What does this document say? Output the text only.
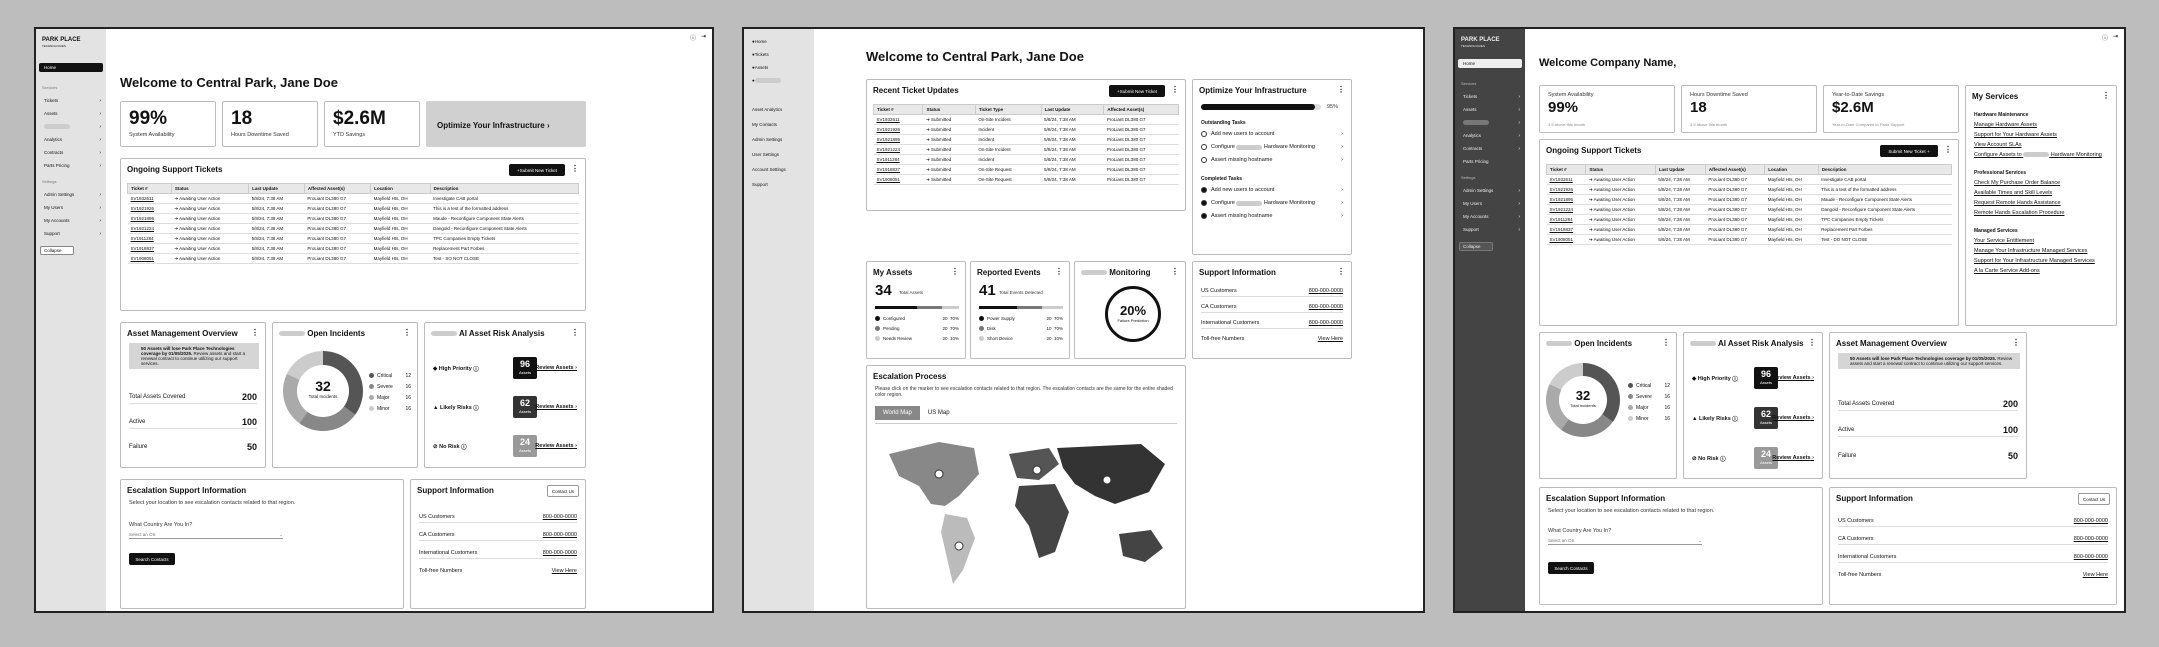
PARK PLACE
TECHNOLOGIES
Home
Services
Tickets	›
Assets	›
›
Analytics	›
Contracts	›
Parts Pricing	›
Settings
Admin Settings	›
My Users	›
My Accounts	›
Support	›
Collapse
ⓘ ⇥
Welcome to Central Park, Jane Doe
99%
System Availability
18
Hours Downtime Saved
$2.6M
YTD Savings
Optimize Your Infrastructure ›
Ongoing Support Tickets	+ Submit New Ticket ⋮
Ticket #	Status	Last Update	Affected Asset(s)	Location	Description
SV1932611	➔ Awaiting User Action	5/8/24, 7:38 AM	ProLiant DL380 G7	Mayfield Hts, OH	Investigate CAB portal
SV1921926	➔ Awaiting User Action	5/8/24, 7:38 AM	ProLiant DL380 G7	Mayfield Hts, OH	This is a test of the formatted address
SV1921895	➔ Awaiting User Action	5/8/24, 7:38 AM	ProLiant DL380 G7	Mayfield Hts, OH	Maude - Reconfigure Component State Alerts
SV1921224	➔ Awaiting User Action	5/8/24, 7:38 AM	ProLiant DL380 G7	Mayfield Hts, OH	Dangold - Reconfigure Component State Alerts
SV1911284	➔ Awaiting User Action	5/8/24, 7:38 AM	ProLiant DL380 G7	Mayfield Hts, OH	TPC Companies Empty Tickets
SV1918837	➔ Awaiting User Action	5/8/24, 7:38 AM	ProLiant DL380 G7	Mayfield Hts, OH	Replacement Part Forbes
SV1908051	➔ Awaiting User Action	5/8/24, 7:38 AM	ProLiant DL380 G7	Mayfield Hts, OH	Test - SO NOT CLOSE
Asset Management Overview ⋮
50 Assets will lose Park Place Technologies coverage by 01/05/2025. Review assets and start a renewal contract to continue utilizing our support services.
Total Assets Covered	200
Active	100
Failure	50
Open Incidents	⋮
32
Total Incidents
Critical	12
Severe	16
Major	16
Minor	16
AI Asset Risk Analysis	⋮
◆ High Priority ⓘ
96
Assets
Review Assets ›
▲ Likely Risks ⓘ
62
Assets
Review Assets ›
⊘ No Risk ⓘ
24
Assets
Review Assets ›
Escalation Support Information
Select your location to see escalation contacts related to that region.
What Country Are You In?
Select an OS	⌄
Search Contacts
Support Information	Contact Us
US Customers	800-000-0000
CA Customers	800-000-0000
International Customers	800-000-0000
Toll-free Numbers	View Here
● Home
● Tickets
● Assets
●
Asset Analytics
My Contacts
Admin Settings
User Settings
Account Settings
Support
Welcome to Central Park, Jane Doe
Recent Ticket Updates	+ Submit New Ticket ⋮
Ticket #	Status	Ticket Type	Last Update	Affected Asset(s)
SV1932611	➔ Submitted	On-Site Incident	5/8/24, 7:38 AM	ProLiant DL380 G7
SV1921926	➔ Submitted	Incident	5/8/24, 7:38 AM	ProLiant DL380 G7
SV1921895	➔ Submitted	Incident	5/8/24, 7:38 AM	ProLiant DL380 G7
SV1921224	➔ Submitted	On-Site Incident	5/8/24, 7:38 AM	ProLiant DL380 G7
SV1911284	➔ Submitted	Incident	5/8/24, 7:38 AM	ProLiant DL380 G7
SV1918837	➔ Submitted	On-Site Request	5/8/24, 7:38 AM	ProLiant DL380 G7
SV1908051	➔ Submitted	On-Site Request	5/8/24, 7:38 AM	ProLiant DL380 G7
Optimize Your Infrastructure	⋮
95%
Outstanding Tasks
Add new users to account	›
Configure

	Hardware Monitoring	›
Assert missing hostname	›
Completed Tasks
Add new users to account	›
Configure

	Hardware Monitoring	›
Assert missing hostname	›
My Assets	⋮
34 Total Assets
Configured	20 70%
Pending	20 70%
Needs Review	20 10%
Reported Events ⋮
41 Total Events Detected
Power Supply	20 70%
Disk	10 70%
Short Device	20 10%
Monitoring	⋮
20%
Failure Prediction
Support Information	⋮
US Customers	800-000-0000
CA Customers	800-000-0000
International Customers	800-000-0000
Toll-free Numbers	View Here
Escalation Process
Please click on the marker to see escalation contacts related to that region. The escalation contacts are the same for the entire shaded color region.
World Map	US Map
PARK PLACE
TECHNOLOGIES
Home
Services
Tickets	›
Assets	›
›
Analytics	›
Contracts	›
Parts Pricing
Settings
Admin Settings	›
My Users	›
My Accounts	›
Support	›
Collapse
ⓘ ⇥
Welcome Company Name,
System Availability
99%
3.5 above this month
Hours Downtime Saved
18
3.5 above this month
Year-to-Date Savings
$2.6M
Year-to-Date Compared to Parts Support
Ongoing Support Tickets	Submit New Ticket +	⋮
Ticket #	Status	Last Update	Affected Asset(s)	Location	Description
SV1932611	➔ Awaiting User Action	5/8/24, 7:38 AM	ProLiant DL380 G7	Mayfield Hts, OH	Investigate CAB portal
SV1921926	➔ Awaiting User Action	5/8/24, 7:38 AM	ProLiant DL380 G7	Mayfield Hts, OH	This is a test of the formatted address
SV1921895	➔ Awaiting User Action	5/8/24, 7:38 AM	ProLiant DL380 G7	Mayfield Hts, OH	Maude - Reconfigure Component State Alerts
SV1921224	➔ Awaiting User Action	5/8/24, 7:38 AM	ProLiant DL380 G7	Mayfield Hts, OH	Dangold - Reconfigure Component State Alerts
SV1911284	➔ Awaiting User Action	5/8/24, 7:38 AM	ProLiant DL380 G7	Mayfield Hts, OH	TPC Companies Empty Tickets
SV1918837	➔ Awaiting User Action	5/8/24, 7:38 AM	ProLiant DL380 G7	Mayfield Hts, OH	Replacement Part Forbes
SV1908051	➔ Awaiting User Action	5/8/24, 7:38 AM	ProLiant DL380 G7	Mayfield Hts, OH	Test - DO NOT CLOSE
My Services	⋮
Hardware Maintenance
Manage Hardware Assets
Support for Your Hardware Assets
View Account SLAs
Configure Assets to	Hardware Monitoring
Professional Services
Check My Purchase Order Balance
Available Times and Skill Levels
Request Remote Hands Assistance
Remote Hands Escalation Procedure
Managed Services
Your Service Entitlement
Manage Your Infrastructure Managed Services
Support for Your Infrastructure Managed Services
A la Carte Service Add-ons
Open Incidents	⋮
32
Total Incidents
Critical	12
Severe	16
Major	16
Minor	16
AI Asset Risk Analysis ⋮
◆ High Priority ⓘ
96
Assets
Review Assets ›
▲ Likely Risks ⓘ
62
Assets
Review Assets ›
⊘ No Risk ⓘ
24
Assets
Review Assets ›
Asset Management Overview	⋮
50 Assets will lose Park Place Technologies coverage by 01/05/2025. Review assets and start a renewal contract to continue utilizing our support services.
Total Assets Covered	200
Active	100
Failure	50
Escalation Support Information
Select your location to see escalation contacts related to that region.
What Country Are You In?
Select an OS	⌄
Search Contacts
Support Information	Contact Us
US Customers	800-000-0000
CA Customers	800-000-0000
International Customers	800-000-0000
Toll-free Numbers	View Here
